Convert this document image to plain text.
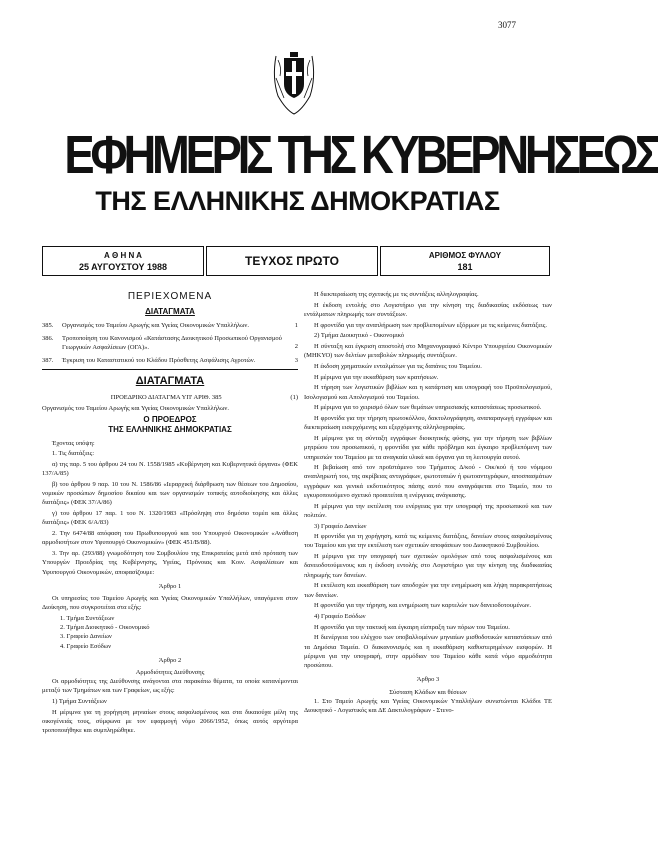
3077
ΕΦΗΜΕΡΙΣ ΤΗΣ ΚΥΒΕΡΝΗΣΕΩΣ
ΤΗΣ ΕΛΛΗΝΙΚΗΣ ΔΗΜΟΚΡΑΤΙΑΣ
Α Θ Η Ν Α
25 ΑΥΓΟΥΣΤΟΥ 1988	ΤΕΥΧΟΣ ΠΡΩΤΟ	ΑΡΙΘΜΟΣ ΦΥΛΛΟΥ
181
ΠΕΡΙΕΧΟΜΕΝΑ
ΔΙΑΤΑΓΜΑΤΑ
385.	Οργανισμός του Ταμείου Αρωγής και Υγείας Οικονομικών Υπαλλήλων.	1
386.	Τροποποίηση του Κανονισμού «Κατάστασης Διοικητικού Προσωπικού Οργανισμού Γεωργικών Ασφαλίσεων (ΟΓΑ)».	2
387.	Έγκριση του Καταστατικού του Κλάδου Πρόσθετης Ασφάλισης Αγροτών.	3
ΔΙΑΤΑΓΜΑΤΑ
ΠΡΟΕΔΡΙΚΟ ΔΙΑΤΑΓΜΑ ΥΠ' ΑΡΙΘ. 385	(1)
Οργανισμός του Ταμείου Αρωγής και Υγείας Οικονομικών Υπαλλήλων.
Ο ΠΡΟΕΔΡΟΣ
ΤΗΣ ΕΛΛΗΝΙΚΗΣ ΔΗΜΟΚΡΑΤΙΑΣ
Έχοντας υπόψη:
1. Τις διατάξεις:
α) της παρ. 5 του άρθρου 24 του Ν. 1558/1985 «Κυβέρνηση και Κυβερνητικά όργανα» (ΦΕΚ 137/Α/85)
β) του άρθρου 9 παρ. 10 του Ν. 1586/86 «Ιεραρχική διάρθρωση των θέσεων του Δημοσίου, νομικών προσώπων δημοσίου δικαίου και των οργανισμών τοπικής αυτοδιοίκησης και άλλες διατάξεις» (ΦΕΚ 37/Α/86)
γ) του άρθρου 17 παρ. 1 του Ν. 1320/1983 «Πρόσληψη στο δημόσιο τομέα και άλλες διατάξεις» (ΦΕΚ 6/Α/83)
2. Την 6474/88 απόφαση του Πρωθυπουργού και του Υπουργού Οικονομικών «Ανάθεση αρμοδιοτήτων στον Υφυπουργό Οικονομικών» (ΦΕΚ 451/Β/88).
3. Την αρ. (293/88) γνωμοδότηση του Συμβουλίου της Επικρατείας μετά από πρόταση των Υπουργών Προεδρίας της Κυβέρνησης, Υγείας, Πρόνοιας και Κοιν. Ασφαλίσεων και Υφυπουργού Οικονομικών, αποφασίζουμε:
Άρθρο 1
Οι υπηρεσίες του Ταμείου Αρωγής και Υγείας Οικονομικών Υπαλλήλων, υπαγόμενα στον Διοίκηση, που συγκροτείται στα εξής:
1. Τμήμα Συντάξεων
2. Τμήμα Διοικητικό - Οικονομικό
3. Γραφείο Δανείων
4. Γραφείο Εσόδων
Άρθρο 2
Αρμοδιότητες Διεύθυνσης
Οι αρμοδιότητες της Διεύθυνσης ανάγονται στα παρακάτω θέματα, τα οποία κατανέμονται μεταξύ των Τμημάτων και των Γραφείων, ως εξής:
1) Τμήμα Συντάξεων
Η μέριμνα για τη χορήγηση μηνιαίων στους ασφαλισμένους και στα δικαιούχα μέλη της οικογένειάς τους, σύμφωνα με τον εφαρμογή νόμο 2066/1952, όπως αυτός αργότερα τροποποιήθηκε και συμπληρώθηκε.
Η διεκπεραίωση της σχετικής με τις συντάξεις αλληλογραφίας.
Η έκδοση εντολής στο Λογιστήριο για την κίνηση της διαδικασίας εκδόσεως των εντάλματων πληρωμής των συντάξεων.
Η φροντίδα για την αναπλήρωση των προβλεπομένων εξόρμων με τις κείμενες διατάξεις.
2) Τμήμα Διοικητικό - Οικονομικό
Η σύνταξη και έγκριση αποστολή στο Μηχανογραφικό Κέντρο Υπουργείου Οικονομικών (ΜΗΚΥΟ) των δελτίων μεταβολών πληρωμής συντάξεων.
Η έκδοση χρηματικών ενταλμάτων για τις δαπάνες του Ταμείου.
Η μέριμνα για την εκκαθάριση των κρατήσεων.
Η τήρηση των λογιστικών βιβλίων και η κατάρτιση και υπογραφή του Προϋπολογισμού, Ισολογισμού και Απολογισμού του Ταμείου.
Η μέριμνα για το χειρισμό όλων των θεμάτων υπηρεσιακής καταστάσεως προσωπικού.
Η φροντίδα για την τήρηση πρωτοκόλλου, δακτυλογράφηση, αναπαραγωγή εγγράφων και διεκπεραίωση εισερχόμενης και εξερχόμενης αλληλογραφίας.
Η μέριμνα για τη σύνταξη εγγράφων διοικητικής φύσης, για την τήρηση των βιβλίων μητρώου του προσωπικού, η φροντίδα για κάθε πρόβλημα και έγκαιρο προβλεπόμενη των υπηρεσιών του Ταμείου με τα αναγκαία υλικά και όργανα για τη λειτουργία αυτού.
Η βεβαίωση από τον προϊστάμενο του Τμήματος Δ/κού - Οικ/κού ή του νόμιμου αναπληρωτή του, της ακρίβειας αντιγράφων, φωτοτυπιών ή φωτοαντιγράφων, αποσπασμάτων εγγράφων και γενικά εκδοτικότητος πάσης αυτό που αναγράφεται στο Ταμείο, που το εγκυροποιούμενο σχετικό προαιτείται η ενέργειας ανάγκασης.
Η μέριμνα για την εκτέλεση του ενέργειας για την υπογραφή της προσωπικού και των πολιτών.
3) Γραφείο Δανείων
Η φροντίδα για τη χορήγηση, κατά τις κείμενες διατάξεις, δανείων στους ασφαλισμένους του Ταμείου και για την εκτέλεση των σχετικών αποφάσεων του Διοικητικού Συμβουλίου.
Η μέριμνα για την υπογραφή των σχετικών ομολόγων από τους ασφαλισμένους και δανειοδοτούμενους και η έκδοση εντολής στο Λογιστήριο για την κίνηση της διαδικασίας πληρωμής των δανείων.
Η εκτέλεση και εκκαθάριση των αποδοχών για την ενημέρωση και λήψη παρακρατήσεως των δανείων.
Η φροντίδα για την τήρηση, και ενημέρωση των καρτελών των δανειοδοτουμένων.
4) Γραφείο Εσόδων
Η φροντίδα για την τακτική και έγκαιρη είσπραξη των πόρων του Ταμείου.
Η διενέργεια του ελέγχου των υποβαλλομένων μηνιαίων μισθοδοτικών καταστάσεων από τα Δημόσια Ταμεία. Ο διακανονισμός και η εκκαθάριση καθυστερημένων εισφορών. Η μέριμνα για την υπογραφή, στην αρμόδιαν του Ταμείου κάθε κατά νόμο αρμοδιότητα προσώπου.
Άρθρο 3
Σύσταση Κλάδων και θέσεων
1. Στο Ταμείο Αρωγής και Υγείας Οικονομικών Υπαλλήλων συνιστώνται Κλάδοι ΤΕ Διοικητικό - Λογιστικός και ΔΕ Δακτυλογράφων - Στενο-
